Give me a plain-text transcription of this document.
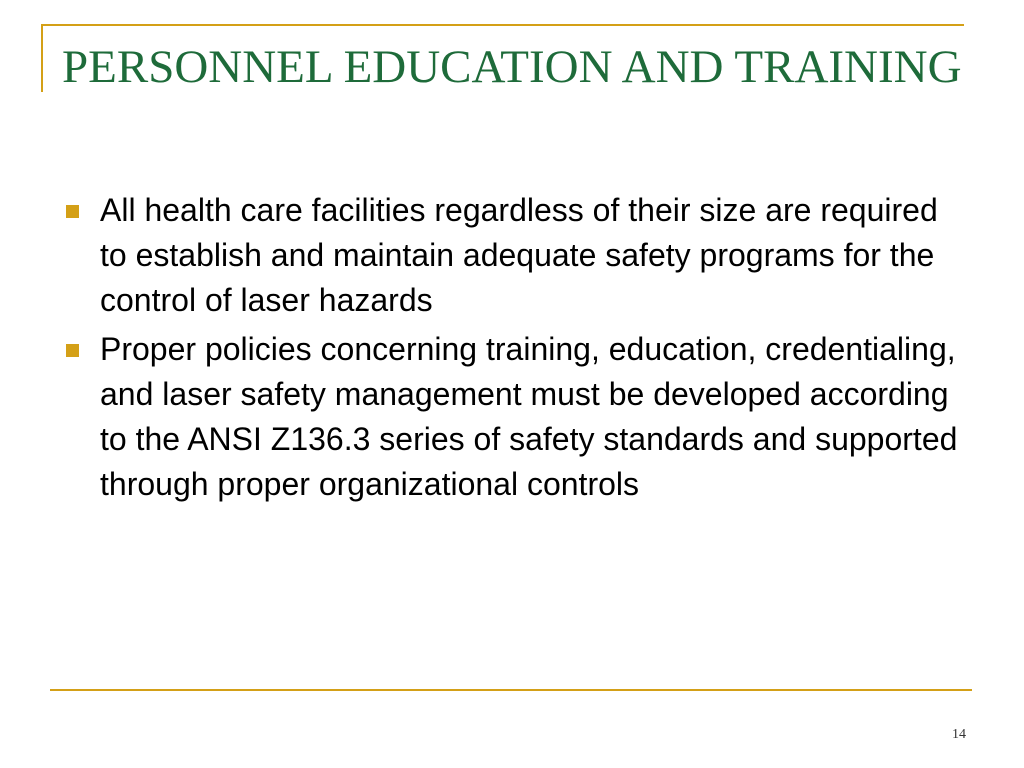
PERSONNEL EDUCATION AND TRAINING
All health care facilities regardless of their size are required to establish and maintain adequate safety programs for the control of laser hazards
Proper policies concerning training, education, credentialing, and laser safety management must be developed according to the ANSI Z136.3 series of safety standards and supported through proper organizational controls
14
